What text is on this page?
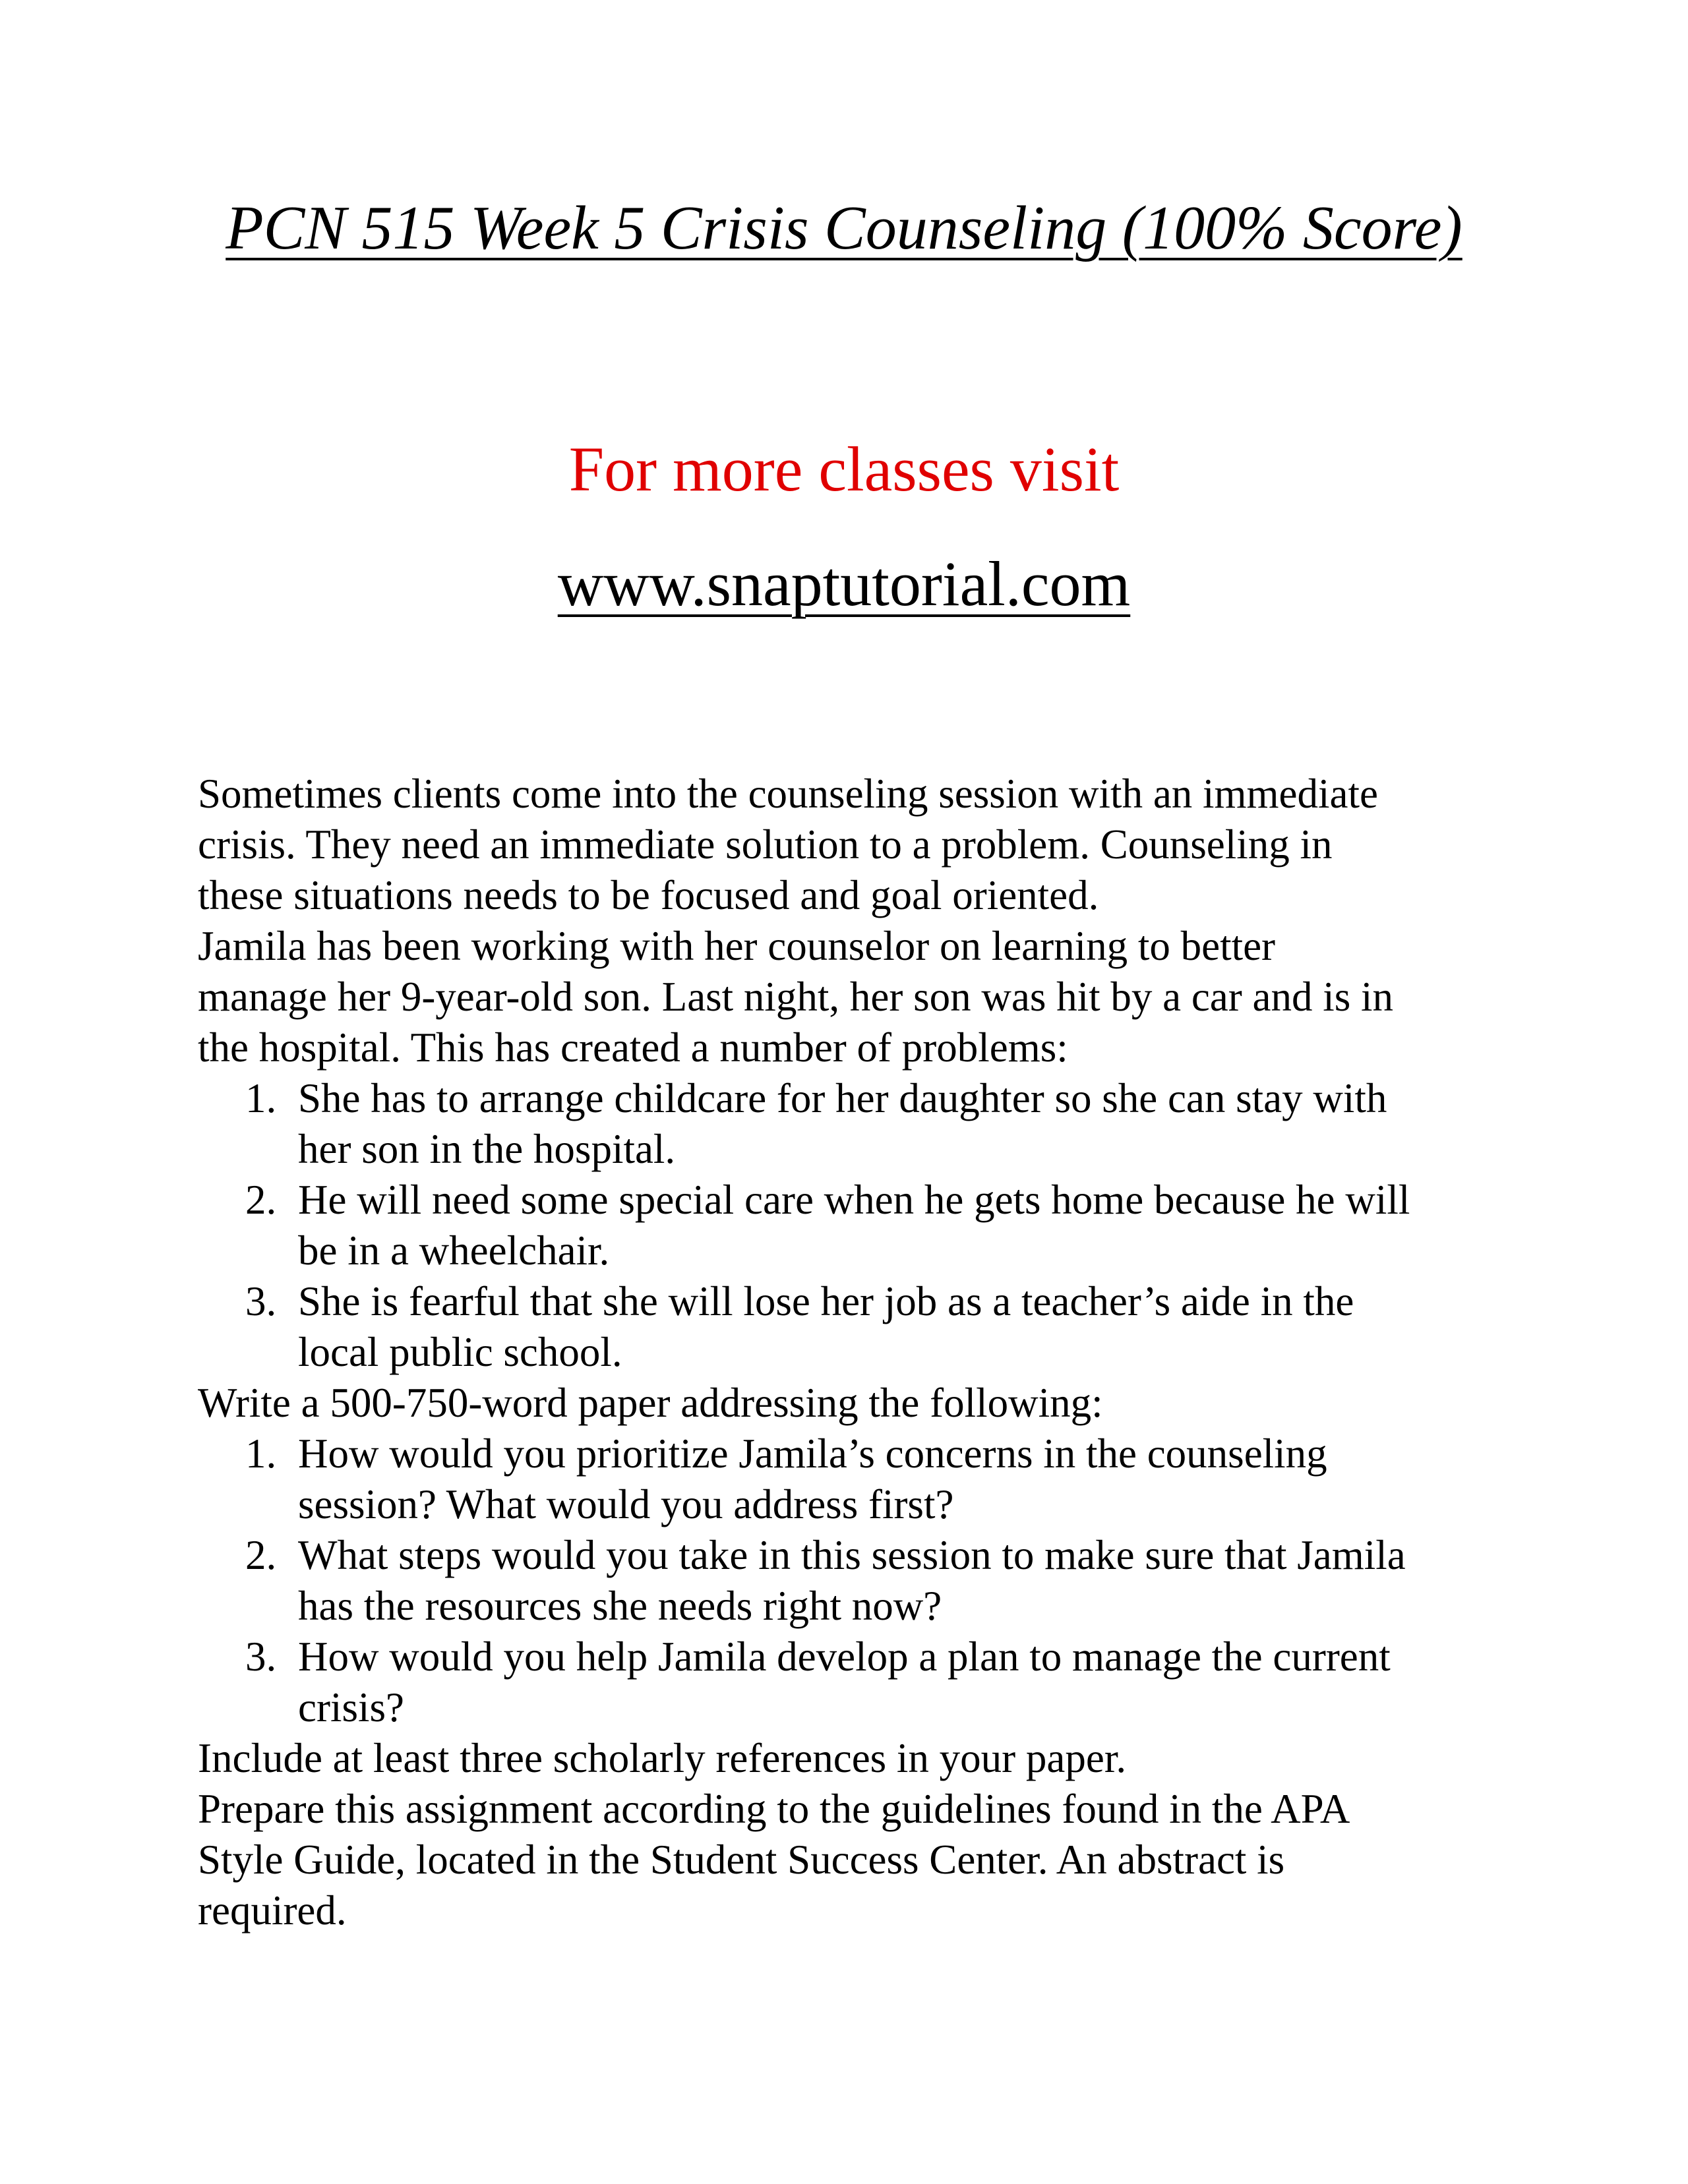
PCN 515 Week 5 Crisis Counseling (100% Score)
For more classes visit
www.snaptutorial.com

Sometimes clients come into the counseling session with an immediate
crisis. They need an immediate solution to a problem. Counseling in
these situations needs to be focused and goal oriented.

Jamila has been working with her counselor on learning to better
manage her 9-year-old son. Last night, her son was hit by a car and is in
the hospital. This has created a number of problems:

1. She has to arrange childcare for her daughter so she can stay with
her son in the hospital.
2. He will need some special care when he gets home because he will
be in a wheelchair.
3. She is fearful that she will lose her job as a teacher’s aide in the
local public school.

Write a 500-750-word paper addressing the following:

1. How would you prioritize Jamila’s concerns in the counseling
session? What would you address first?
2. What steps would you take in this session to make sure that Jamila
has the resources she needs right now?
3. How would you help Jamila develop a plan to manage the current
crisis?

Include at least three scholarly references in your paper.

Prepare this assignment according to the guidelines found in the APA
Style Guide, located in the Student Success Center. An abstract is
required.
